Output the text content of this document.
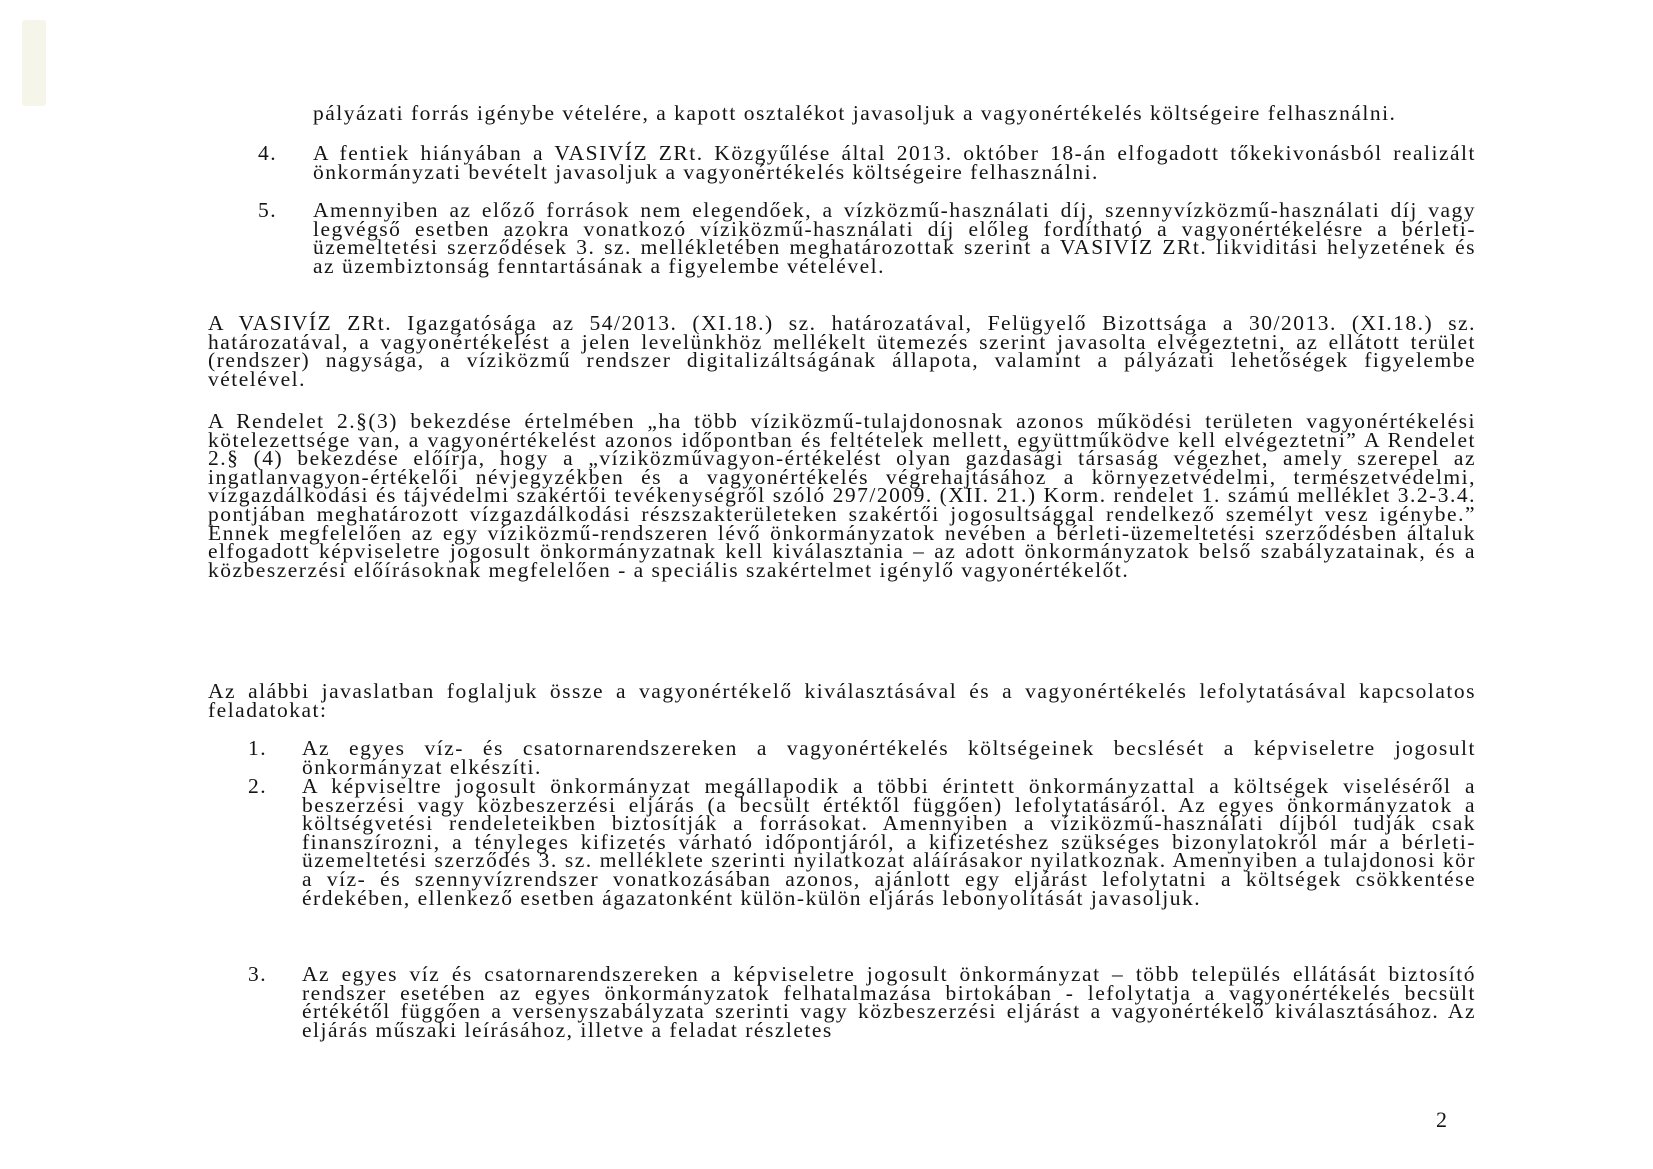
pályázati forrás igénybe vételére, a kapott osztalékot javasoljuk a vagyonértékelés költségeire felhasználni.

4.	A fentiek hiányában a VASIVÍZ ZRt. Közgyűlése által 2013. október 18-án elfogadott tőkekivonásból realizált önkormányzati bevételt javasoljuk a vagyonértékelés költségeire felhasználni.
5.	Amennyiben az előző források nem elegendőek, a vízközmű-használati díj, szennyvízközmű-használati díj vagy legvégső esetben azokra vonatkozó víziközmű-használati díj előleg fordítható a vagyonértékelésre a bérleti-üzemeltetési szerződések 3. sz. mellékletében meghatározottak szerint a VASIVÍZ ZRt. likviditási helyzetének és az üzembiztonság fenntartásának a figyelembe vételével.

A VASIVÍZ ZRt. Igazgatósága az 54/2013. (XI.18.) sz. határozatával, Felügyelő Bizottsága a 30/2013. (XI.18.) sz. határozatával, a vagyonértékelést a jelen levelünkhöz mellékelt ütemezés szerint javasolta elvégeztetni, az ellátott terület (rendszer) nagysága, a víziközmű rendszer digitalizáltságának állapota, valamint a pályázati lehetőségek figyelembe vételével.

A Rendelet 2.§(3) bekezdése értelmében „ha több víziközmű-tulajdonosnak azonos működési területen vagyonértékelési kötelezettsége van, a vagyonértékelést azonos időpontban és feltételek mellett, együttműködve kell elvégeztetni” A Rendelet 2.§ (4) bekezdése előírja, hogy a „víziközművagyon-értékelést olyan gazdasági társaság végezhet, amely szerepel az ingatlanvagyon-értékelői névjegyzékben és a vagyonértékelés végrehajtásához a környezetvédelmi, természetvédelmi, vízgazdálkodási és tájvédelmi szakértői tevékenységről szóló 297/2009. (XII. 21.) Korm. rendelet 1. számú melléklet 3.2-3.4. pontjában meghatározott vízgazdálkodási részszakterületeken szakértői jogosultsággal rendelkező személyt vesz igénybe.” Ennek megfelelően az egy víziközmű-rendszeren lévő önkormányzatok nevében a bérleti-üzemeltetési szerződésben általuk elfogadott képviseletre jogosult önkormányzatnak kell kiválasztania – az adott önkormányzatok belső szabályzatainak, és a közbeszerzési előírásoknak megfelelően - a speciális szakértelmet igénylő vagyonértékelőt.

Az alábbi javaslatban foglaljuk össze a vagyonértékelő kiválasztásával és a vagyonértékelés lefolytatásával kapcsolatos feladatokat:

1.	Az egyes víz- és csatornarendszereken a vagyonértékelés költségeinek becslését a képviseletre jogosult önkormányzat elkészíti.
2.	A képviseltre jogosult önkormányzat megállapodik a többi érintett önkormányzattal a költségek viseléséről a beszerzési vagy közbeszerzési eljárás (a becsült értéktől függően) lefolytatásáról. Az egyes önkormányzatok a költségvetési rendeleteikben biztosítják a forrásokat. Amennyiben a víziközmű-használati díjból tudják csak finanszírozni, a tényleges kifizetés várható időpontjáról, a kifizetéshez szükséges bizonylatokról már a bérleti-üzemeltetési szerződés 3. sz. melléklete szerinti nyilatkozat aláírásakor nyilatkoznak. Amennyiben a tulajdonosi kör a víz- és szennyvízrendszer vonatkozásában azonos, ajánlott egy eljárást lefolytatni a költségek csökkentése érdekében, ellenkező esetben ágazatonként külön-külön eljárás lebonyolítását javasoljuk.
3.	Az egyes víz és csatornarendszereken a képviseletre jogosult önkormányzat – több település ellátását biztosító rendszer esetében az egyes önkormányzatok felhatalmazása birtokában - lefolytatja a vagyonértékelés becsült értékétől függően a versenyszabályzata szerinti vagy közbeszerzési eljárást a vagyonértékelő kiválasztásához. Az eljárás műszaki leírásához, illetve a feladat részletes
2
